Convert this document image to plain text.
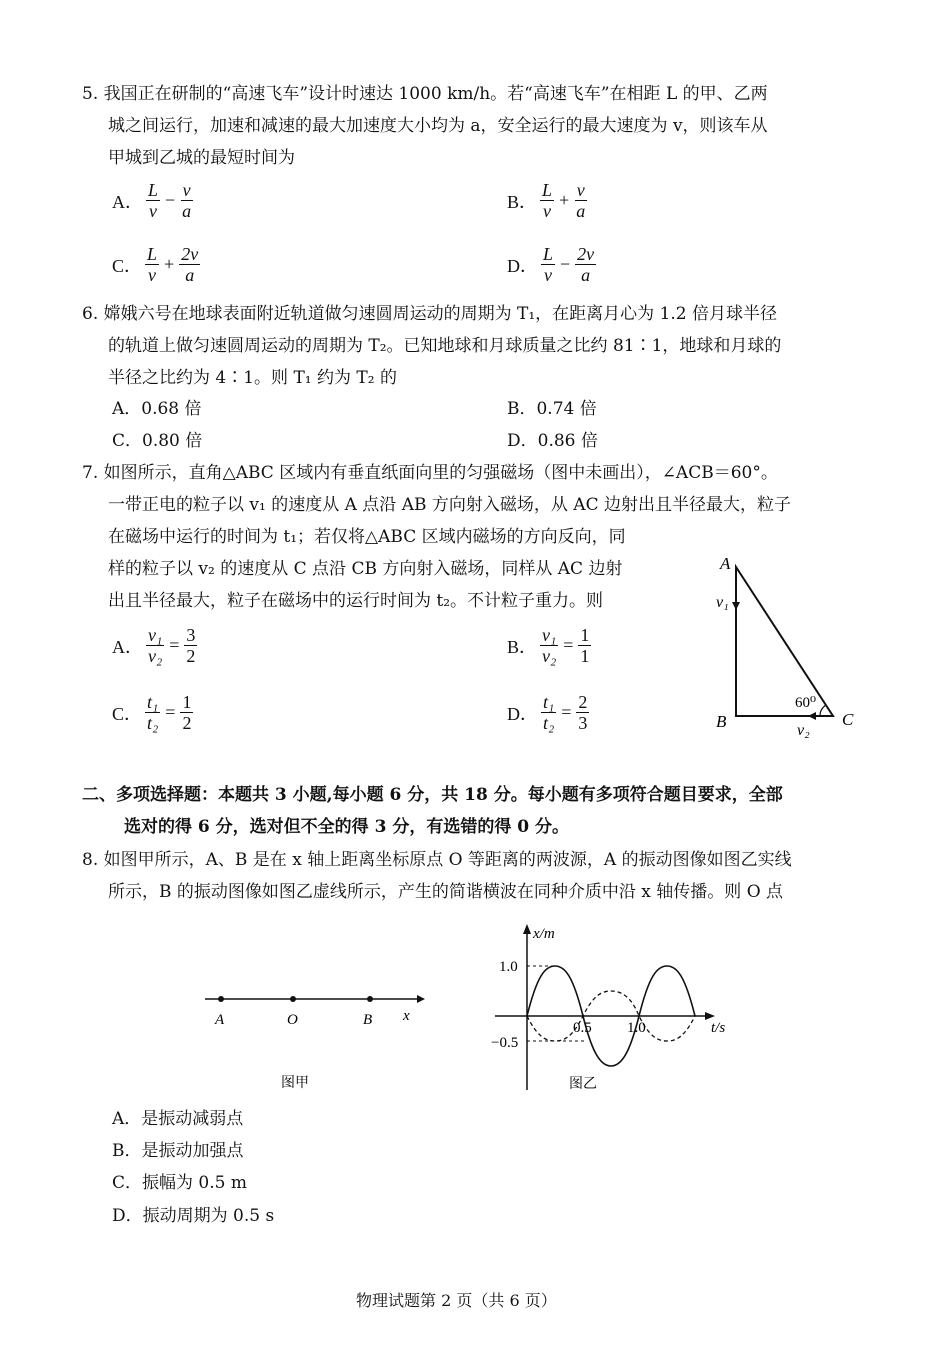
5. 我国正在研制的“高速飞车”设计时速达 1000 km/h。若“高速飞车”在相距 L 的甲、乙两
城之间运行，加速和减速的最大加速度大小均为 a，安全运行的最大速度为 v，则该车从
甲城到乙城的最短时间为
A． $\frac{L}{v} - \frac{v}{a}$	B． $\frac{L}{v} + \frac{v}{a}$
C． $\frac{L}{v} + \frac{2v}{a}$	D． $\frac{L}{v} - \frac{2v}{a}$
6. 嫦娥六号在地球表面附近轨道做匀速圆周运动的周期为 T₁，在距离月心为 1.2 倍月球半径
的轨道上做匀速圆周运动的周期为 T₂。已知地球和月球质量之比约 81∶1，地球和月球的
半径之比约为 4∶1。则 T₁ 约为 T₂ 的
A．0.68 倍	B．0.74 倍
C．0.80 倍	D．0.86 倍
7. 如图所示，直角△ABC 区域内有垂直纸面向里的匀强磁场（图中未画出），∠ACB＝60°。
一带正电的粒子以 v₁ 的速度从 A 点沿 AB 方向射入磁场，从 AC 边射出且半径最大，粒子
在磁场中运行的时间为 t₁；若仅将△ABC 区域内磁场的方向反向，同
样的粒子以 v₂ 的速度从 C 点沿 CB 方向射入磁场，同样从 AC 边射
出且半径最大，粒子在磁场中的运行时间为 t₂。不计粒子重力。则
A． $\frac{\text{v₁}}{\text{v₂}} = \frac{3}{2}$	B． $\frac{\text{v₁}}{\text{v₂}} = \frac{1}{1}$
C． $\frac{\text{t₁}}{\text{t₂}} = \frac{1}{2}$	D． $\frac{\text{t₁}}{\text{t₂}} = \frac{2}{3}$
A
v₁
60⁰
B	C
v₂
二、多项选择题：本题共 3 小题,每小题 6 分，共 18 分。每小题有多项符合题目要求，全部
选对的得 6 分，选对但不全的得 3 分，有选错的得 0 分。
8. 如图甲所示，A、B 是在 x 轴上距离坐标原点 O 等距离的两波源，A 的振动图像如图乙实线
所示，B 的振动图像如图乙虚线所示，产生的简谐横波在同种介质中沿 x 轴传播。则 O 点
A	O	B x
图甲
x/m
1.0
−0.5
0.5 1.0	t/s
图乙
A．是振动减弱点
B．是振动加强点
C．振幅为 0.5 m
D．振动周期为 0.5 s
物理试题第 2 页（共 6 页）
